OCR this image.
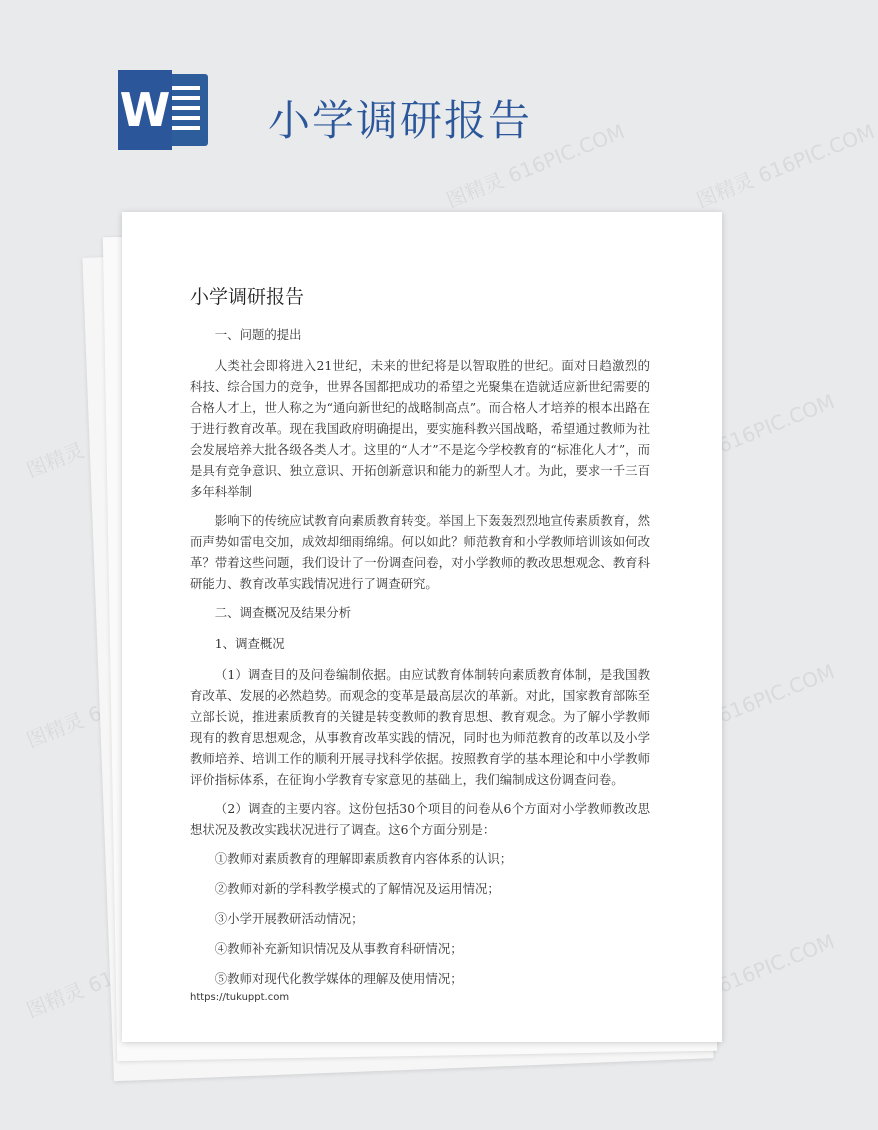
W 小学调研报告
图精灵 616PIC.COM	图精灵 616PIC.COM
图精灵	图精灵 616PIC.COM
图精灵	图精灵 616PIC.COM
图精灵	图精灵 616PIC.COM
小学调研报告

一、问题的提出

人类社会即将进入21世纪，未来的世纪将是以智取胜的世纪。面对日趋激烈的科技、综合国力的竞争，世界各国都把成功的希望之光聚集在造就适应新世纪需要的合格人才上，世人称之为“通向新世纪的战略制高点”。而合格人才培养的根本出路在于进行教育改革。现在我国政府明确提出，要实施科教兴国战略，希望通过教师为社会发展培养大批各级各类人才。这里的“人才”不是迄今学校教育的“标准化人才”，而是具有竞争意识、独立意识、开拓创新意识和能力的新型人才。为此，要求一千三百多年科举制

影响下的传统应试教育向素质教育转变。举国上下轰轰烈烈地宣传素质教育，然而声势如雷电交加，成效却细雨绵绵。何以如此？师范教育和小学教师培训该如何改革？带着这些问题，我们设计了一份调查问卷，对小学教师的教改思想观念、教育科研能力、教育改革实践情况进行了调查研究。

二、调查概况及结果分析

1、调查概况

（1）调查目的及问卷编制依据。由应试教育体制转向素质教育体制，是我国教育改革、发展的必然趋势。而观念的变革是最高层次的革新。对此，国家教育部陈至立部长说，推进素质教育的关键是转变教师的教育思想、教育观念。为了解小学教师现有的教育思想观念，从事教育改革实践的情况，同时也为师范教育的改革以及小学教师培养、培训工作的顺利开展寻找科学依据。按照教育学的基本理论和中小学教师评价指标体系，在征询小学教育专家意见的基础上，我们编制成这份调查问卷。

（2）调查的主要内容。这份包括30个项目的问卷从6个方面对小学教师教改思想状况及教改实践状况进行了调查。这6个方面分别是：

①教师对素质教育的理解即素质教育内容体系的认识；

②教师对新的学科教学模式的了解情况及运用情况；

③小学开展教研活动情况；

④教师补充新知识情况及从事教育科研情况；

⑤教师对现代化教学媒体的理解及使用情况；

https://tukuppt.com
